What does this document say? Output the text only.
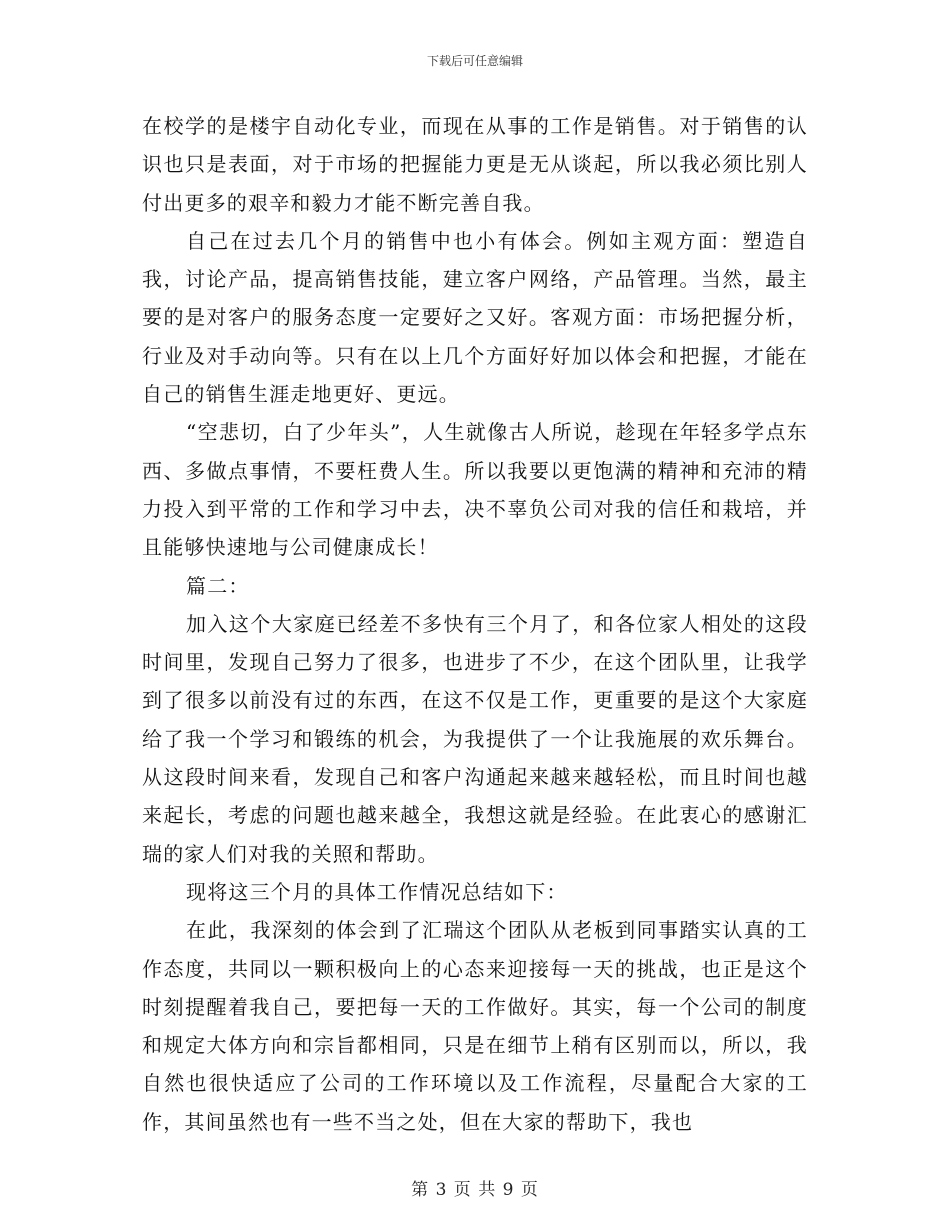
下载后可任意编辑

在校学的是楼宇自动化专业，而现在从事的工作是销售。对于销售的认识也只是表面，对于市场的把握能力更是无从谈起，所以我必须比别人付出更多的艰辛和毅力才能不断完善自我。

自己在过去几个月的销售中也小有体会。例如主观方面：塑造自我，讨论产品，提高销售技能，建立客户网络，产品管理。当然，最主要的是对客户的服务态度一定要好之又好。客观方面：市场把握分析，行业及对手动向等。只有在以上几个方面好好加以体会和把握，才能在自己的销售生涯走地更好、更远。

“空悲切，白了少年头”，人生就像古人所说，趁现在年轻多学点东西、多做点事情，不要枉费人生。所以我要以更饱满的精神和充沛的精力投入到平常的工作和学习中去，决不辜负公司对我的信任和栽培，并且能够快速地与公司健康成长！

篇二：

加入这个大家庭已经差不多快有三个月了，和各位家人相处的这段时间里，发现自己努力了很多，也进步了不少，在这个团队里，让我学到了很多以前没有过的东西，在这不仅是工作，更重要的是这个大家庭给了我一个学习和锻练的机会，为我提供了一个让我施展的欢乐舞台。从这段时间来看，发现自己和客户沟通起来越来越轻松，而且时间也越来起长，考虑的问题也越来越全，我想这就是经验。在此衷心的感谢汇瑞的家人们对我的关照和帮助。

现将这三个月的具体工作情况总结如下：

在此，我深刻的体会到了汇瑞这个团队从老板到同事踏实认真的工作态度，共同以一颗积极向上的心态来迎接每一天的挑战，也正是这个时刻提醒着我自己，要把每一天的工作做好。其实，每一个公司的制度和规定大体方向和宗旨都相同，只是在细节上稍有区别而以，所以，我自然也很快适应了公司的工作环境以及工作流程，尽量配合大家的工作，其间虽然也有一些不当之处，但在大家的帮助下，我也

第 3 页 共 9 页
